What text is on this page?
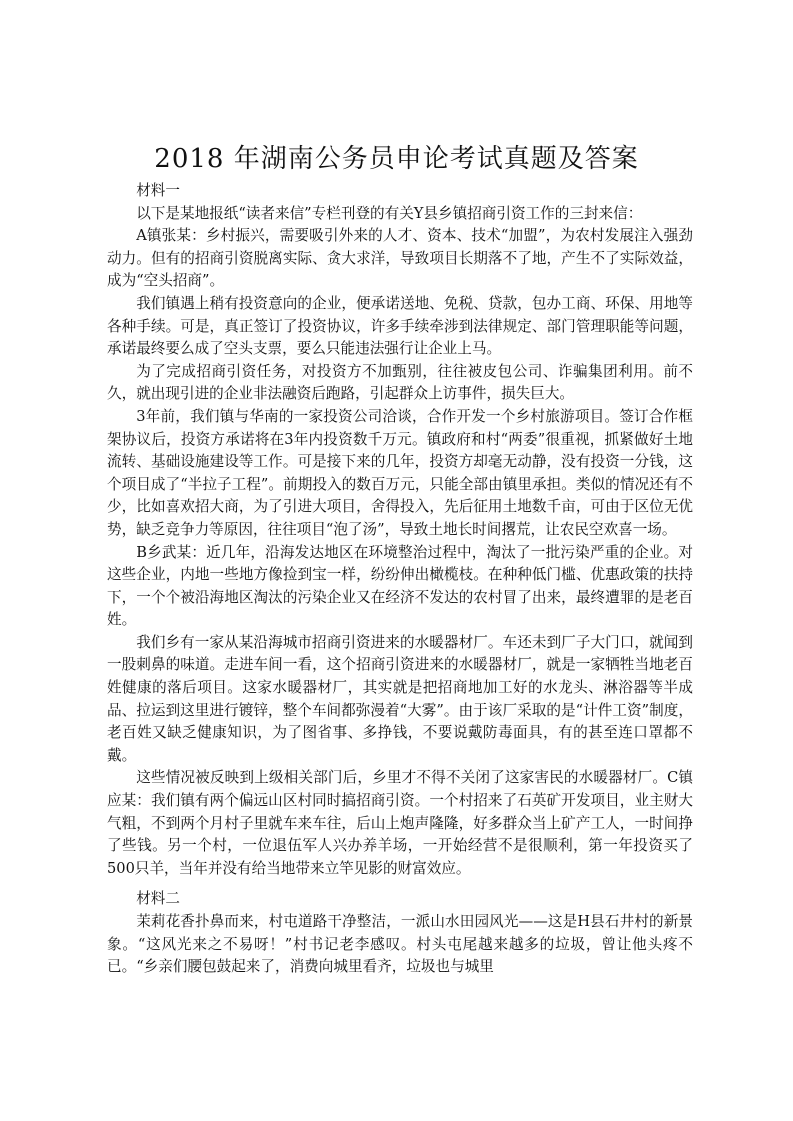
2018 年湖南公务员申论考试真题及答案

材料一

以下是某地报纸“读者来信”专栏刊登的有关Y县乡镇招商引资工作的三封来信：

A镇张某：乡村振兴，需要吸引外来的人才、资本、技术“加盟”，为农村发展注入强劲动力。但有的招商引资脱离实际、贪大求洋，导致项目长期落不了地，产生不了实际效益，成为“空头招商”。

我们镇遇上稍有投资意向的企业，便承诺送地、免税、贷款，包办工商、环保、用地等各种手续。可是，真正签订了投资协议，许多手续牵涉到法律规定、部门管理职能等问题，承诺最终要么成了空头支票，要么只能违法强行让企业上马。

为了完成招商引资任务，对投资方不加甄别，往往被皮包公司、诈骗集团利用。前不久，就出现引进的企业非法融资后跑路，引起群众上访事件，损失巨大。

3年前，我们镇与华南的一家投资公司洽谈，合作开发一个乡村旅游项目。签订合作框架协议后，投资方承诺将在3年内投资数千万元。镇政府和村“两委”很重视，抓紧做好土地流转、基础设施建设等工作。可是接下来的几年，投资方却毫无动静，没有投资一分钱，这个项目成了“半拉子工程”。前期投入的数百万元，只能全部由镇里承担。类似的情况还有不少，比如喜欢招大商，为了引进大项目，舍得投入，先后征用土地数千亩，可由于区位无优势，缺乏竞争力等原因，往往项目“泡了汤”，导致土地长时间撂荒，让农民空欢喜一场。

B乡武某：近几年，沿海发达地区在环境整治过程中，淘汰了一批污染严重的企业。对这些企业，内地一些地方像捡到宝一样，纷纷伸出橄榄枝。在种种低门槛、优惠政策的扶持下，一个个被沿海地区淘汰的污染企业又在经济不发达的农村冒了出来，最终遭罪的是老百姓。

我们乡有一家从某沿海城市招商引资进来的水暖器材厂。车还未到厂子大门口，就闻到一股刺鼻的味道。走进车间一看，这个招商引资进来的水暖器材厂，就是一家牺牲当地老百姓健康的落后项目。这家水暖器材厂，其实就是把招商地加工好的水龙头、淋浴器等半成品、拉运到这里进行镀锌，整个车间都弥漫着“大雾”。由于该厂采取的是“计件工资”制度，老百姓又缺乏健康知识，为了图省事、多挣钱，不要说戴防毒面具，有的甚至连口罩都不戴。

这些情况被反映到上级相关部门后，乡里才不得不关闭了这家害民的水暖器材厂。C镇应某：我们镇有两个偏远山区村同时搞招商引资。一个村招来了石英矿开发项目，业主财大气粗，不到两个月村子里就车来车往，后山上炮声隆隆，好多群众当上矿产工人，一时间挣了些钱。另一个村，一位退伍军人兴办养羊场，一开始经营不是很顺利，第一年投资买了500只羊，当年并没有给当地带来立竿见影的财富效应。

材料二

茉莉花香扑鼻而来，村屯道路干净整洁，一派山水田园风光——这是H县石井村的新景象。“这风光来之不易呀！”村书记老李感叹。村头屯尾越来越多的垃圾，曾让他头疼不已。“乡亲们腰包鼓起来了，消费向城里看齐，垃圾也与城里
